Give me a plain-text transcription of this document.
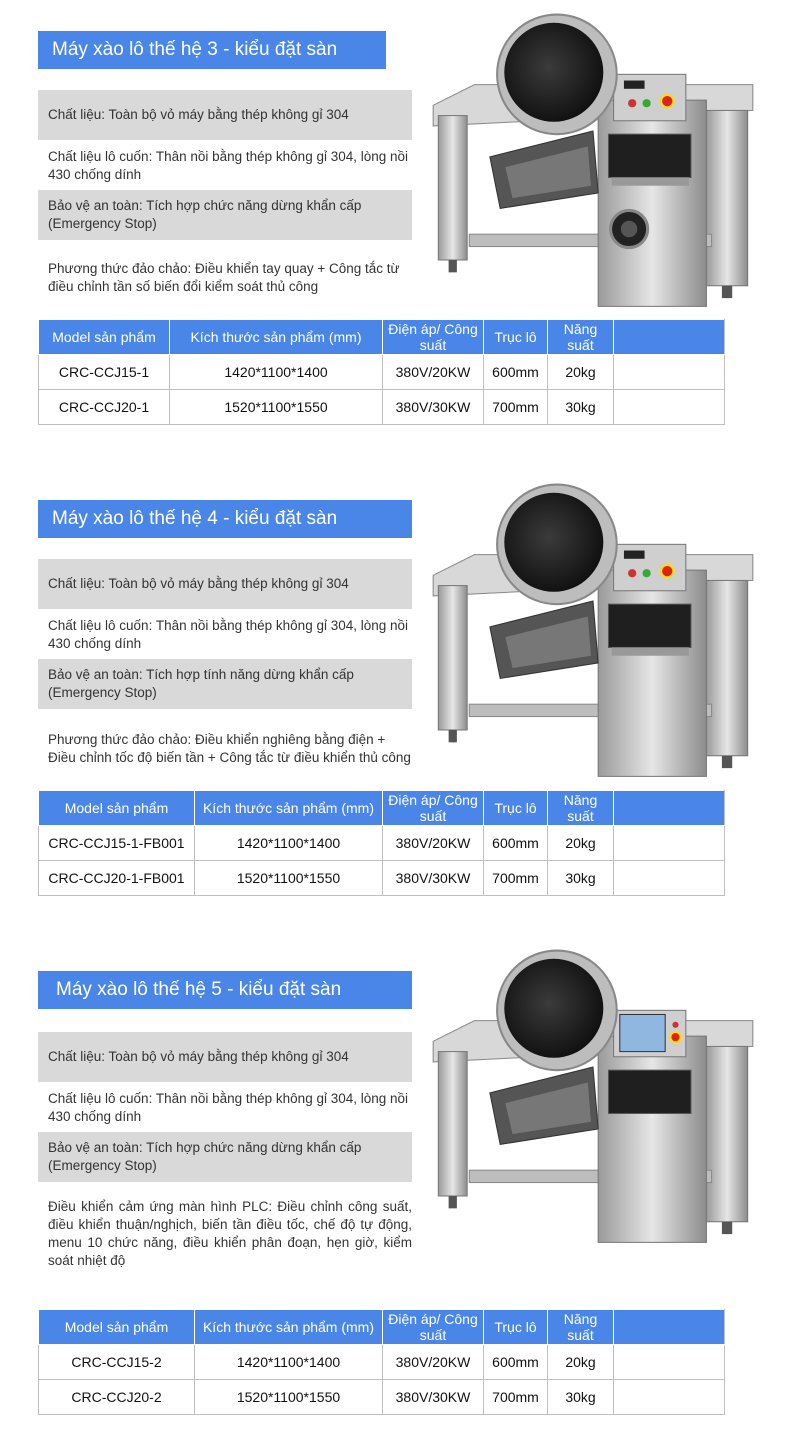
Máy xào lô thế hệ 3 - kiểu đặt sàn
Chất liệu: Toàn bộ vỏ máy bằng thép không gỉ 304
Chất liệu lô cuốn: Thân nồi bằng thép không gỉ 304, lòng nồi 430 chống dính
Bảo vệ an toàn: Tích hợp chức năng dừng khẩn cấp (Emergency Stop)
Phương thức đảo chảo: Điều khiển tay quay + Công tắc từ điều chỉnh tần số biến đổi kiểm soát thủ công
Model sản phẩm	Kích thước sản phẩm (mm)	Điện áp/ Công suất	Trục lô	Năng suất	
CRC-CCJ15-1	1420*1100*1400	380V/20KW	600mm	20kg	
CRC-CCJ20-1	1520*1100*1550	380V/30KW	700mm	30kg	
Máy xào lô thế hệ 4 - kiểu đặt sàn
Chất liệu: Toàn bộ vỏ máy bằng thép không gỉ 304
Chất liệu lô cuốn: Thân nồi bằng thép không gỉ 304, lòng nồi 430 chống dính
Bảo vệ an toàn: Tích hợp tính năng dừng khẩn cấp (Emergency Stop)
Phương thức đảo chảo: Điều khiển nghiêng bằng điện + Điều chỉnh tốc độ biến tần + Công tắc từ điều khiển thủ công
Model sản phẩm	Kích thước sản phẩm (mm)	Điện áp/ Công suất	Trục lô	Năng suất	
CRC-CCJ15-1-FB001	1420*1100*1400	380V/20KW	600mm	20kg	
CRC-CCJ20-1-FB001	1520*1100*1550	380V/30KW	700mm	30kg	
Máy xào lô thế hệ 5 - kiểu đặt sàn
Chất liệu: Toàn bộ vỏ máy bằng thép không gỉ 304
Chất liệu lô cuốn: Thân nồi bằng thép không gỉ 304, lòng nồi 430 chống dính
Bảo vệ an toàn: Tích hợp chức năng dừng khẩn cấp (Emergency Stop)
Điều khiển cảm ứng màn hình PLC: Điều chỉnh công suất, điều khiển thuận/nghịch, biến tần điều tốc, chế độ tự động, menu 10 chức năng, điều khiển phân đoạn, hẹn giờ, kiểm soát nhiệt độ
Model sản phẩm	Kích thước sản phẩm (mm)	Điện áp/ Công suất	Trục lô	Năng suất	
CRC-CCJ15-2	1420*1100*1400	380V/20KW	600mm	20kg	
CRC-CCJ20-2	1520*1100*1550	380V/30KW	700mm	30kg	
